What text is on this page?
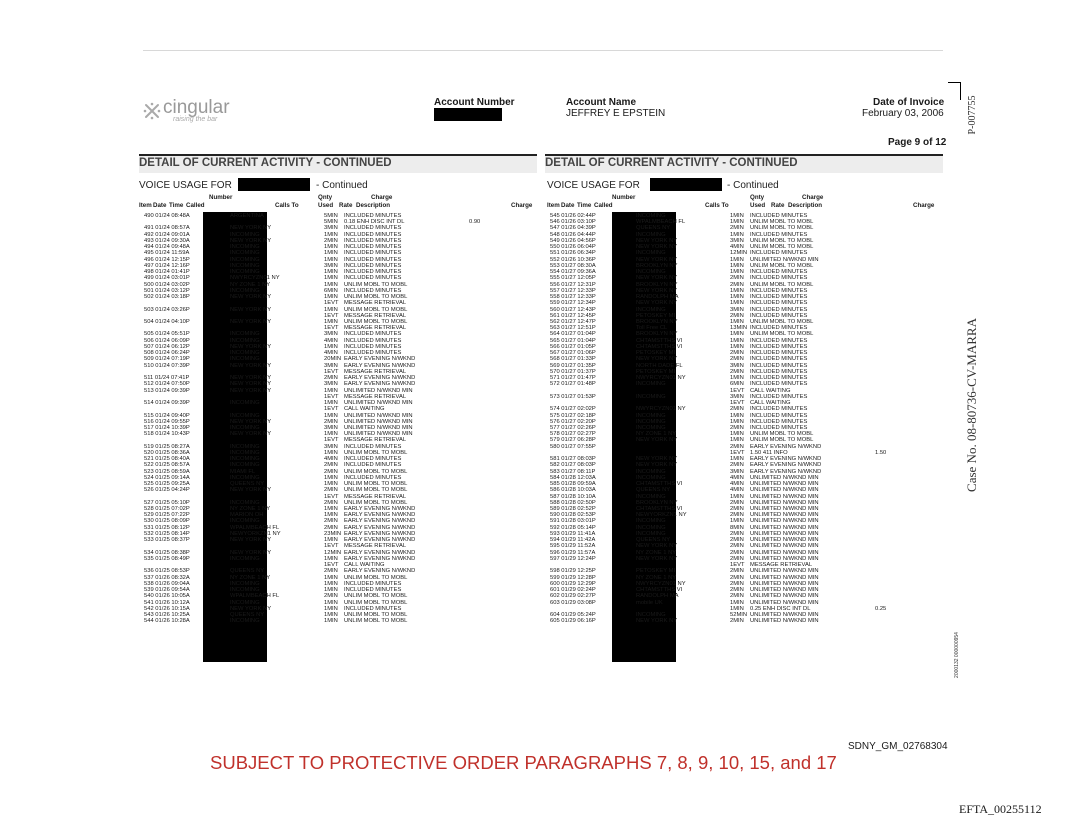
cingular
raising the bar
Account Number	Account Name
JEFFREY E EPSTEIN
Date of Invoice
February 03, 2006
Page 9 of 12
DETAIL OF CURRENT ACTIVITY - CONTINUED
VOICE USAGE FOR	- Continued
Number	Qnty	Charge
Item Date Time Called	Calls To	Used Rate Description	Charge
490 01/24 08:48A	ARGENTINA	5MIN INCLUDED MINUTES
5MIN 0.18 ENH DISC INT DL	0.90
491 01/24 08:57A	NEW YORK NY	3MIN INCLUDED MINUTES
492 01/24 09:01A	INCOMING	1MIN INCLUDED MINUTES
493 01/24 09:30A	NEW YORK NY	2MIN INCLUDED MINUTES
494 01/24 09:48A	INCOMING	1MIN INCLUDED MINUTES
495 01/24 11:59A	INCOMING	1MIN INCLUDED MINUTES
496 01/24 12:15P	INCOMING	1MIN INCLUDED MINUTES
497 01/24 12:16P	INCOMING	3MIN INCLUDED MINUTES
498 01/24 01:41P	INCOMING	1MIN INCLUDED MINUTES
499 01/24 03:01P	NWYRCYZN01 NY	1MIN INCLUDED MINUTES
500 01/24 03:02P	NY ZONE 1 NY	1MIN UNLIM MOBL TO MOBL
501 01/24 03:12P	INCOMING	6MIN INCLUDED MINUTES
502 01/24 03:18P	NEW YORK NY	1MIN UNLIM MOBL TO MOBL
1EVT MESSAGE RETRIEVAL
503 01/24 03:26P	NEW YORK NY	1MIN UNLIM MOBL TO MOBL
1EVT MESSAGE RETRIEVAL
504 01/24 04:10P	NEW YORK NY	1MIN UNLIM MOBL TO MOBL
1EVT MESSAGE RETRIEVAL
505 01/24 05:51P	INCOMING	3MIN INCLUDED MINUTES
506 01/24 06:09P	INCOMING	4MIN INCLUDED MINUTES
507 01/24 06:12P	NEW YORK NY	1MIN INCLUDED MINUTES
508 01/24 06:24P	INCOMING	4MIN INCLUDED MINUTES
509 01/24 07:19P	INCOMING	20MIN EARLY EVENING N/WKND
510 01/24 07:39P	NEW YORK NY	3MIN EARLY EVENING N/WKND
1EVT MESSAGE RETRIEVAL
511 01/24 07:41P	NEW YORK NY	2MIN EARLY EVENING N/WKND
512 01/24 07:50P	NEW YORK NY	3MIN EARLY EVENING N/WKND
513 01/24 09:39P	NEW YORK NY	1MIN UNLIMITED N/WKND MIN
1EVT MESSAGE RETRIEVAL
514 01/24 09:39P	INCOMING	1MIN UNLIMITED N/WKND MIN
1EVT CALL WAITING
515 01/24 09:40P	INCOMING	1MIN UNLIMITED N/WKND MIN
516 01/24 09:55P	NEW YORK NY	2MIN UNLIMITED N/WKND MIN
517 01/24 10:39P	INCOMING	3MIN UNLIMITED N/WKND MIN
518 01/24 10:43P	NEW YORK NY	1MIN UNLIMITED N/WKND MIN
1EVT MESSAGE RETRIEVAL
519 01/25 08:27A	INCOMING	3MIN INCLUDED MINUTES
520 01/25 08:36A	INCOMING	1MIN UNLIM MOBL TO MOBL
521 01/25 08:40A	INCOMING	4MIN INCLUDED MINUTES
522 01/25 08:57A	INCOMING	2MIN INCLUDED MINUTES
523 01/25 08:59A	MIAMI FL	2MIN UNLIM MOBL TO MOBL
524 01/25 09:14A	INCOMING	1MIN INCLUDED MINUTES
525 01/25 09:25A	QUEENS NY	1MIN UNLIM MOBL TO MOBL
526 01/25 04:24P	NEW YORK NY	2MIN UNLIM MOBL TO MOBL
1EVT MESSAGE RETRIEVAL
527 01/25 05:10P	INCOMING	2MIN UNLIM MOBL TO MOBL
528 01/25 07:02P	NY ZONE 1 NY	1MIN EARLY EVENING N/WKND
529 01/25 07:22P	MARION OH	1MIN EARLY EVENING N/WKND
530 01/25 08:09P	INCOMING	2MIN EARLY EVENING N/WKND
531 01/25 08:12P	WPALMBEACH FL	2MIN EARLY EVENING N/WKND
532 01/25 08:14P	NEWYORKZN1 NY	23MIN EARLY EVENING N/WKND
533 01/25 08:37P	NEW YORK NY	1MIN EARLY EVENING N/WKND
1EVT MESSAGE RETRIEVAL
534 01/25 08:38P	NEW YORK NY	12MIN EARLY EVENING N/WKND
535 01/25 08:49P	INCOMING	1MIN EARLY EVENING N/WKND
1EVT CALL WAITING
536 01/25 08:53P	QUEENS NY	2MIN EARLY EVENING N/WKND
537 01/26 08:32A	NY ZONE 1 NY	1MIN UNLIM MOBL TO MOBL
538 01/26 09:04A	INCOMING	1MIN INCLUDED MINUTES
539 01/26 09:54A	INCOMING	1MIN INCLUDED MINUTES
540 01/26 10:05A	WPALMBEACH FL	2MIN UNLIM MOBL TO MOBL
541 01/26 10:12A	INCOMING	1MIN UNLIM MOBL TO MOBL
542 01/26 10:15A	NEW YORK NY	1MIN INCLUDED MINUTES
543 01/26 10:25A	QUEENS NY	1MIN UNLIM MOBL TO MOBL
544 01/26 10:28A	INCOMING	1MIN UNLIM MOBL TO MOBL
DETAIL OF CURRENT ACTIVITY - CONTINUED
VOICE USAGE FOR	- Continued
Number	Qnty	Charge
Item Date Time Called	Calls To	Used Rate Description	Charge
545 01/26 02:44P	INCOMING	1MIN INCLUDED MINUTES
546 01/26 03:10P	WPALMBEACH FL	1MIN UNLIM MOBL TO MOBL
547 01/26 04:39P	QUEENS NY	2MIN UNLIM MOBL TO MOBL
548 01/26 04:44P	INCOMING	1MIN INCLUDED MINUTES
549 01/26 04:56P	NEW YORK NY	3MIN UNLIM MOBL TO MOBL
550 01/26 06:04P	NEW YORK NY	4MIN UNLIM MOBL TO MOBL
551 01/26 06:34P	INCOMING	12MIN INCLUDED MINUTES
552 01/26 10:36P	NEW YORK NY	1MIN UNLIMITED N/WKND MIN
553 01/27 08:30A	BROOKLYN NY	1MIN UNLIM MOBL TO MOBL
554 01/27 09:36A	INCOMING	1MIN INCLUDED MINUTES
555 01/27 12:05P	NEW YORK NY	2MIN INCLUDED MINUTES
556 01/27 12:31P	BROOKLYN NY	2MIN UNLIM MOBL TO MOBL
557 01/27 12:33P	NEW YORK NY	1MIN INCLUDED MINUTES
558 01/27 12:33P	RANDOLPH MA	1MIN INCLUDED MINUTES
559 01/27 12:34P	NEW YORK NY	1MIN INCLUDED MINUTES
560 01/27 12:43P	INCOMING	3MIN INCLUDED MINUTES
561 01/27 12:45P	PETOSKEY MI	2MIN INCLUDED MINUTES
562 01/27 12:47P	BROOKLYN NY	1MIN UNLIM MOBL TO MOBL
563 01/27 12:51P	Toll Free CL	13MIN INCLUDED MINUTES
564 01/27 01:04P	BROOKLYN NY	1MIN UNLIM MOBL TO MOBL
565 01/27 01:04P	CHTAMSTTHS VI	1MIN INCLUDED MINUTES
566 01/27 01:05P	CHTAMSTTHS VI	1MIN INCLUDED MINUTES
567 01/27 01:06P	PETOSKEY MI	2MIN INCLUDED MINUTES
568 01/27 01:33P	NEW YORK NY	2MIN INCLUDED MINUTES
569 01/27 01:35P	NORTH DADE FL	3MIN INCLUDED MINUTES
570 01/27 01:37P	PETOSKEY MI	2MIN INCLUDED MINUTES
571 01/27 01:47P	NWYRCYZN01 NY	1MIN INCLUDED MINUTES
572 01/27 01:48P	INCOMING	6MIN INCLUDED MINUTES
1EVT CALL WAITING
573 01/27 01:53P	INCOMING	3MIN INCLUDED MINUTES
1EVT CALL WAITING
574 01/27 02:02P	NWYRCYZN01 NY	2MIN INCLUDED MINUTES
575 01/27 02:18P	INCOMING	1MIN INCLUDED MINUTES
576 01/27 02:20P	INCOMING	1MIN INCLUDED MINUTES
577 01/27 02:26P	INCOMING	2MIN INCLUDED MINUTES
578 01/27 02:27P	NY ZONE 1 NY	1MIN UNLIM MOBL TO MOBL
579 01/27 06:28P	NEW YORK NY	1MIN UNLIM MOBL TO MOBL
580 01/27 07:55P	2MIN EARLY EVENING N/WKND
1EVT 1.50 411 INFO	1.50
581 01/27 08:03P	NEW YORK NY	1MIN EARLY EVENING N/WKND
582 01/27 08:03P	NEW YORK NY	2MIN EARLY EVENING N/WKND
583 01/27 08:11P	INCOMING	3MIN EARLY EVENING N/WKND
584 01/28 12:03A	INCOMING	4MIN UNLIMITED N/WKND MIN
585 01/28 09:59A	CHTAMSTTHS VI	4MIN UNLIMITED N/WKND MIN
586 01/28 10:03A	QUEENS NY	4MIN UNLIMITED N/WKND MIN
587 01/28 10:10A	INCOMING	1MIN UNLIMITED N/WKND MIN
588 01/28 02:50P	BROOKLYN NY	2MIN UNLIMITED N/WKND MIN
589 01/28 02:52P	CHTAMSTTHS VI	2MIN UNLIMITED N/WKND MIN
590 01/28 02:53P	NEWYORKZN1 NY	2MIN UNLIMITED N/WKND MIN
591 01/28 03:01P	INCOMING	1MIN UNLIMITED N/WKND MIN
592 01/28 05:14P	INCOMING	8MIN UNLIMITED N/WKND MIN
593 01/29 11:41A	INCOMING	2MIN UNLIMITED N/WKND MIN
594 01/29 11:42A	QUEENS NY	2MIN UNLIMITED N/WKND MIN
595 01/29 11:52A	NEW YORK NY	2MIN UNLIMITED N/WKND MIN
596 01/29 11:57A	NY ZONE 1 NY	2MIN UNLIMITED N/WKND MIN
597 01/29 12:24P	NEW YORK NY	2MIN UNLIMITED N/WKND MIN
1EVT MESSAGE RETRIEVAL
598 01/29 12:25P	PETOSKEY MI	2MIN UNLIMITED N/WKND MIN
599 01/29 12:28P	NY ZONE 1 NY	2MIN UNLIMITED N/WKND MIN
600 01/29 12:29P	NWYRCYZN01 NY	2MIN UNLIMITED N/WKND MIN
601 01/29 02:24P	CHTAMSTTHS VI	2MIN UNLIMITED N/WKND MIN
602 01/29 02:27P	RANDOLPH MA	2MIN UNLIMITED N/WKND MIN
603 01/29 03:08P	mobile UK	1MIN UNLIMITED N/WKND MIN
1MIN 0.25 ENH DISC INT DL	0.25
604 01/29 05:24P	INCOMING	52MIN UNLIMITED N/WKND MIN
605 01/29 06:16P	NEW YORK NY	2MIN UNLIMITED N/WKND MIN
Case No. 08-80736-CV-MARRA
P-007755
2000132 000000954
SDNY_GM_02768304
SUBJECT TO PROTECTIVE ORDER PARAGRAPHS 7, 8, 9, 10, 15, and 17
EFTA_00255112
